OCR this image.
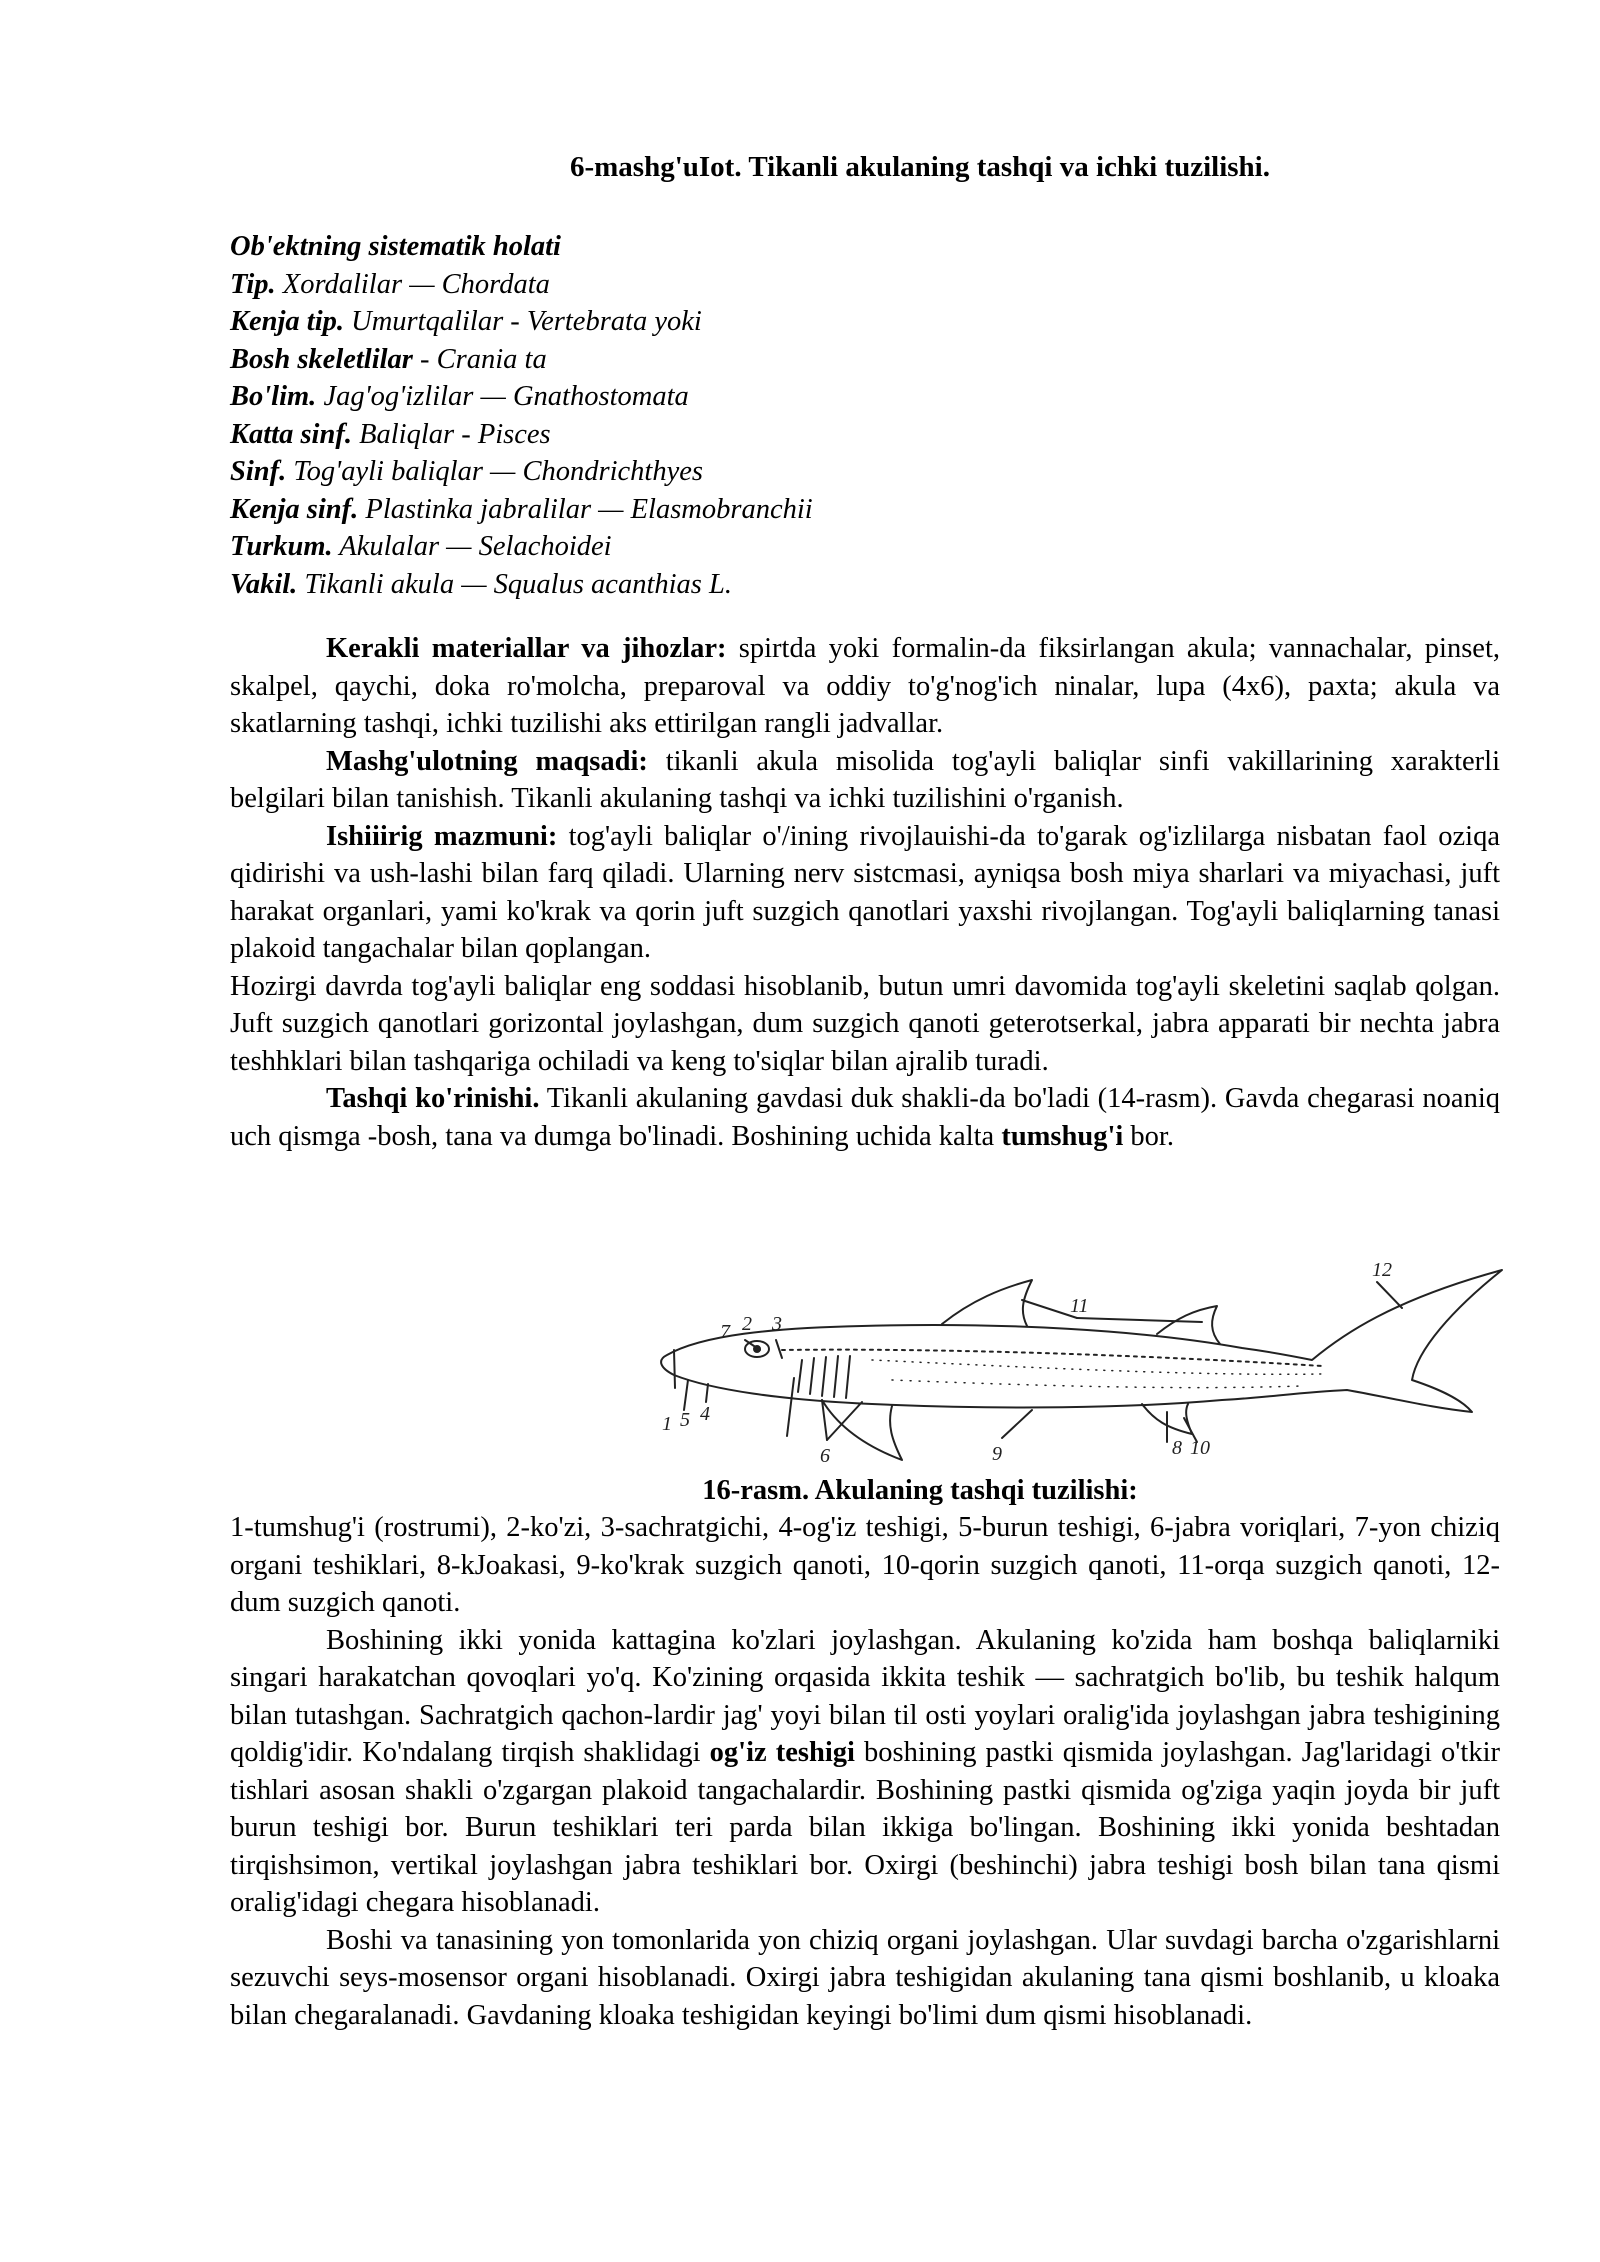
6-mashg'uIot. Tikanli akulaning tashqi va ichki tuzilishi.
Ob'ektning sistematik holati
Tip. Xordalilar — Chordata
Kenja tip. Umurtqalilar - Vertebrata yoki
Bosh skeletlilar - Crania ta
Bo'lim. Jag'og'izlilar — Gnathostomata
Katta sinf. Baliqlar - Pisces
Sinf. Tog'ayli baliqlar — Chondrichthyes
Kenja sinf. Plastinka jabralilar — Elasmobranchii
Turkum. Akulalar — Selachoidei
Vakil. Tikanli akula — Squalus acanthias L.

Kerakli materiallar va jihozlar: spirtda yoki formalin-da fiksirlangan akula; vannachalar, pinset, skalpel, qaychi, doka ro'molcha, preparoval va oddiy to'g'nog'ich ninalar, lupa (4x6), paxta; akula va skatlarning tashqi, ichki tuzilishi aks ettirilgan rangli jadvallar.

Mashg'ulotning maqsadi: tikanli akula misolida tog'ayli baliqlar sinfi vakillarining xarakterli belgilari bilan tanishish. Tikanli akulaning tashqi va ichki tuzilishini o'rganish.

Ishiiirig mazmuni: tog'ayli baliqlar o'/ining rivojlauishi-da to'garak og'izlilarga nisbatan faol oziqa qidirishi va ush-lashi bilan farq qiladi. Ularning nerv sistcmasi, ayniqsa bosh miya sharlari va miyachasi, juft harakat organlari, yami ko'krak va qorin juft suzgich qanotlari yaxshi rivojlangan. Tog'ayli baliqlarning tanasi plakoid tangachalar bilan qoplangan.

Hozirgi davrda tog'ayli baliqlar eng soddasi hisoblanib, butun umri davomida tog'ayli skeletini saqlab qolgan. Juft suzgich qanotlari gorizontal joylashgan, dum suzgich qanoti geterotserkal, jabra apparati bir nechta jabra teshhklari bilan tashqariga ochiladi va keng to'siqlar bilan ajralib turadi.

Tashqi ko'rinishi. Tikanli akulaning gavdasi duk shakli-da bo'ladi (14-rasm). Gavda chegarasi noaniq uch qismga -bosh, tana va dumga bo'linadi. Boshining uchida kalta tumshug'i bor.

1
2 3
4
5
6
7
8
9	10
11
12
16-rasm. Akulaning tashqi tuzilishi:

1-tumshug'i (rostrumi), 2-ko'zi, 3-sachratgichi, 4-og'iz teshigi, 5-burun teshigi, 6-jabra voriqlari, 7-yon chiziq organi teshiklari, 8-kJoakasi, 9-ko'krak suzgich qanoti, 10-qorin suzgich qanoti, 11-orqa suzgich qanoti, 12-dum suzgich qanoti.

Boshining ikki yonida kattagina ko'zlari joylashgan. Akulaning ko'zida ham boshqa baliqlarniki singari harakatchan qovoqlari yo'q. Ko'zining orqasida ikkita teshik — sachratgich bo'lib, bu teshik halqum bilan tutashgan. Sachratgich qachon-lardir jag' yoyi bilan til osti yoylari oralig'ida joylashgan jabra teshigining qoldig'idir. Ko'ndalang tirqish shaklidagi og'iz teshigi boshining pastki qismida joylashgan. Jag'laridagi o'tkir tishlari asosan shakli o'zgargan plakoid tangachalardir. Boshining pastki qismida og'ziga yaqin joyda bir juft burun teshigi bor. Burun teshiklari teri parda bilan ikkiga bo'lingan. Boshining ikki yonida beshtadan tirqishsimon, vertikal joylashgan jabra teshiklari bor. Oxirgi (beshinchi) jabra teshigi bosh bilan tana qismi oralig'idagi chegara hisoblanadi.

Boshi va tanasining yon tomonlarida yon chiziq organi joylashgan. Ular suvdagi barcha o'zgarishlarni sezuvchi seys-mosensor organi hisoblanadi. Oxirgi jabra teshigidan akulaning tana qismi boshlanib, u kloaka bilan chegaralanadi. Gavdaning kloaka teshigidan keyingi bo'limi dum qismi hisoblanadi.
